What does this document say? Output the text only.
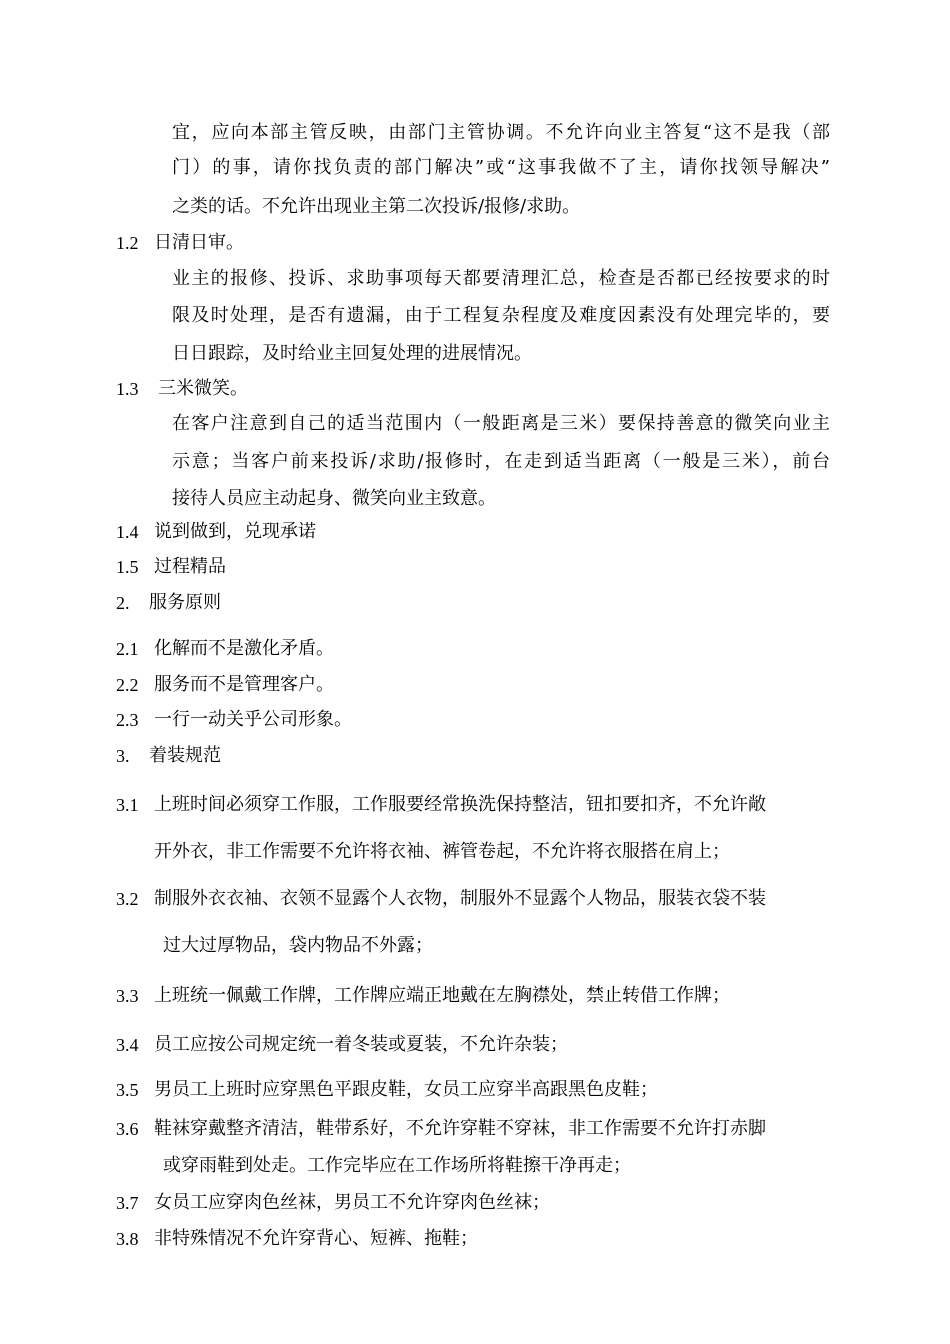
宜，应向本部主管反映，由部门主管协调。不允许向业主答复“这不是我（部
门）的事，请你找负责的部门解决”或“这事我做不了主，请你找领导解决”
之类的话。不允许出现业主第二次投诉/报修/求助。
1.2 日清日审。
业主的报修、投诉、求助事项每天都要清理汇总，检查是否都已经按要求的时
限及时处理，是否有遗漏，由于工程复杂程度及难度因素没有处理完毕的，要
日日跟踪，及时给业主回复处理的进展情况。
1.3 三米微笑。
在客户注意到自己的适当范围内（一般距离是三米）要保持善意的微笑向业主
示意；当客户前来投诉/求助/报修时，在走到适当距离（一般是三米），前台
接待人员应主动起身、微笑向业主致意。
1.4 说到做到，兑现承诺
1.5 过程精品
2. 服务原则
2.1 化解而不是激化矛盾。
2.2 服务而不是管理客户。
2.3 一行一动关乎公司形象。
3. 着装规范
3.1 上班时间必须穿工作服，工作服要经常换洗保持整洁，钮扣要扣齐，不允许敞
开外衣，非工作需要不允许将衣袖、裤管卷起，不允许将衣服搭在肩上；
3.2 制服外衣衣袖、衣领不显露个人衣物，制服外不显露个人物品，服装衣袋不装
过大过厚物品，袋内物品不外露；
3.3 上班统一佩戴工作牌，工作牌应端正地戴在左胸襟处，禁止转借工作牌；
3.4 员工应按公司规定统一着冬装或夏装，不允许杂装；
3.5 男员工上班时应穿黑色平跟皮鞋，女员工应穿半高跟黑色皮鞋；
3.6 鞋袜穿戴整齐清洁，鞋带系好，不允许穿鞋不穿袜，非工作需要不允许打赤脚
或穿雨鞋到处走。工作完毕应在工作场所将鞋擦干净再走；
3.7 女员工应穿肉色丝袜，男员工不允许穿肉色丝袜；
3.8 非特殊情况不允许穿背心、短裤、拖鞋；
